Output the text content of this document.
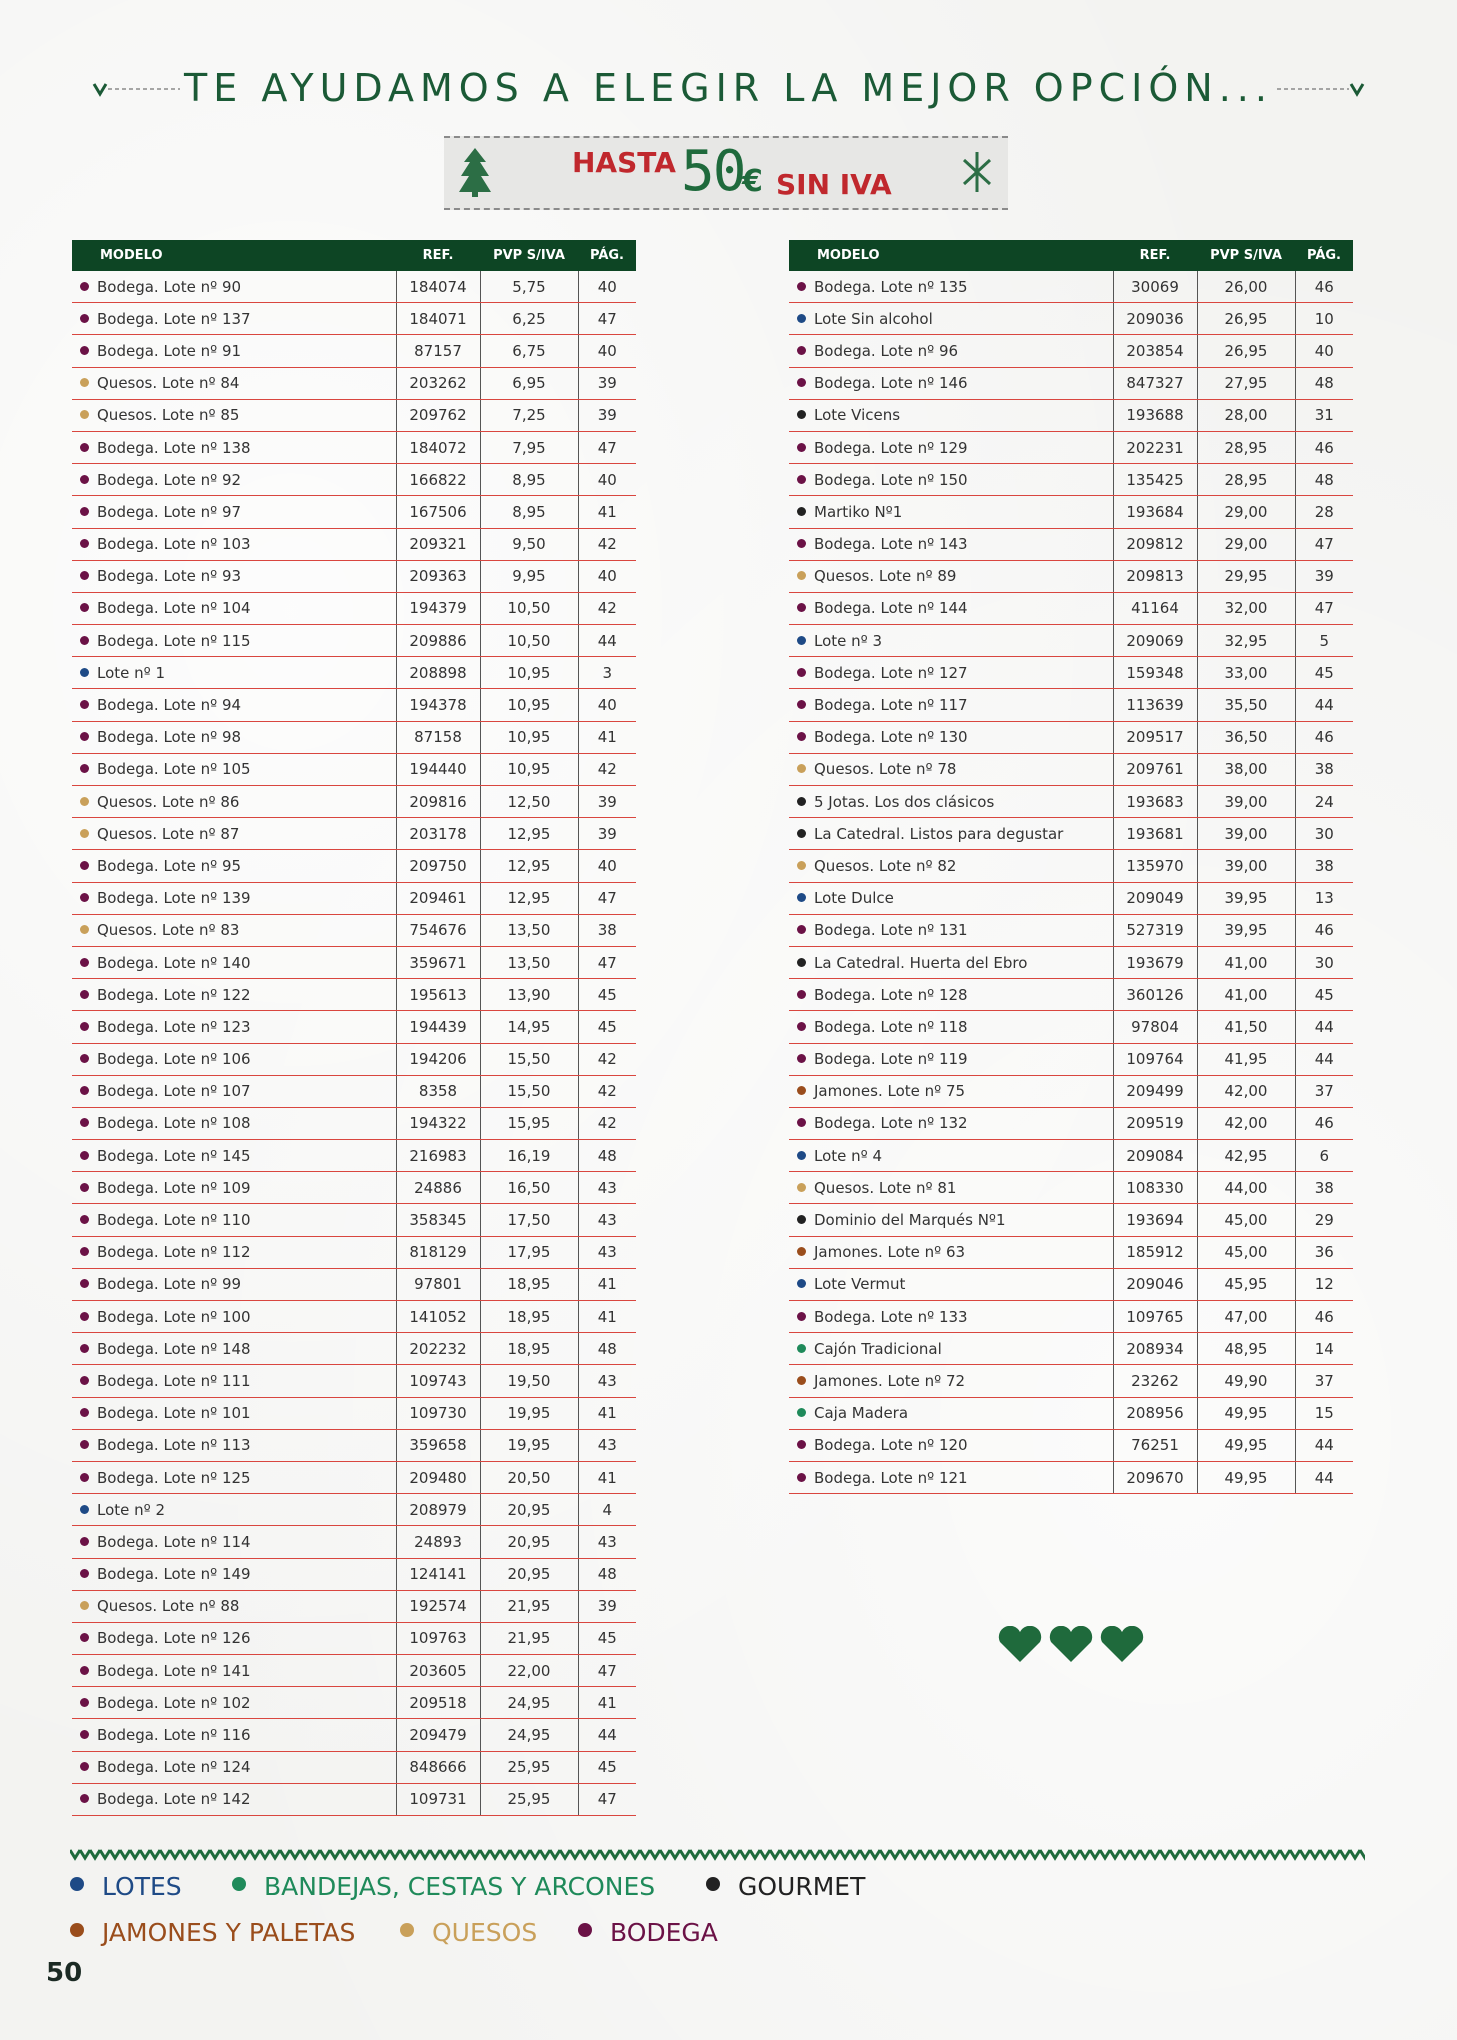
TE AYUDAMOS A ELEGIR LA MEJOR OPCIÓN...
HASTA 50
€ SIN IVA
MODELO	REF.	PVP S/IVA	PÁG.
Bodega. Lote nº 90	184074	5,75	40
Bodega. Lote nº 137	184071	6,25	47
Bodega. Lote nº 91	87157	6,75	40
Quesos. Lote nº 84	203262	6,95	39
Quesos. Lote nº 85	209762	7,25	39
Bodega. Lote nº 138	184072	7,95	47
Bodega. Lote nº 92	166822	8,95	40
Bodega. Lote nº 97	167506	8,95	41
Bodega. Lote nº 103	209321	9,50	42
Bodega. Lote nº 93	209363	9,95	40
Bodega. Lote nº 104	194379	10,50	42
Bodega. Lote nº 115	209886	10,50	44
Lote nº 1	208898	10,95	3
Bodega. Lote nº 94	194378	10,95	40
Bodega. Lote nº 98	87158	10,95	41
Bodega. Lote nº 105	194440	10,95	42
Quesos. Lote nº 86	209816	12,50	39
Quesos. Lote nº 87	203178	12,95	39
Bodega. Lote nº 95	209750	12,95	40
Bodega. Lote nº 139	209461	12,95	47
Quesos. Lote nº 83	754676	13,50	38
Bodega. Lote nº 140	359671	13,50	47
Bodega. Lote nº 122	195613	13,90	45
Bodega. Lote nº 123	194439	14,95	45
Bodega. Lote nº 106	194206	15,50	42
Bodega. Lote nº 107	8358	15,50	42
Bodega. Lote nº 108	194322	15,95	42
Bodega. Lote nº 145	216983	16,19	48
Bodega. Lote nº 109	24886	16,50	43
Bodega. Lote nº 110	358345	17,50	43
Bodega. Lote nº 112	818129	17,95	43
Bodega. Lote nº 99	97801	18,95	41
Bodega. Lote nº 100	141052	18,95	41
Bodega. Lote nº 148	202232	18,95	48
Bodega. Lote nº 111	109743	19,50	43
Bodega. Lote nº 101	109730	19,95	41
Bodega. Lote nº 113	359658	19,95	43
Bodega. Lote nº 125	209480	20,50	41
Lote nº 2	208979	20,95	4
Bodega. Lote nº 114	24893	20,95	43
Bodega. Lote nº 149	124141	20,95	48
Quesos. Lote nº 88	192574	21,95	39
Bodega. Lote nº 126	109763	21,95	45
Bodega. Lote nº 141	203605	22,00	47
Bodega. Lote nº 102	209518	24,95	41
Bodega. Lote nº 116	209479	24,95	44
Bodega. Lote nº 124	848666	25,95	45
Bodega. Lote nº 142	109731	25,95	47
MODELO	REF.	PVP S/IVA	PÁG.
Bodega. Lote nº 135	30069	26,00	46
Lote Sin alcohol	209036	26,95	10
Bodega. Lote nº 96	203854	26,95	40
Bodega. Lote nº 146	847327	27,95	48
Lote Vicens	193688	28,00	31
Bodega. Lote nº 129	202231	28,95	46
Bodega. Lote nº 150	135425	28,95	48
Martiko Nº1	193684	29,00	28
Bodega. Lote nº 143	209812	29,00	47
Quesos. Lote nº 89	209813	29,95	39
Bodega. Lote nº 144	41164	32,00	47
Lote nº 3	209069	32,95	5
Bodega. Lote nº 127	159348	33,00	45
Bodega. Lote nº 117	113639	35,50	44
Bodega. Lote nº 130	209517	36,50	46
Quesos. Lote nº 78	209761	38,00	38
5 Jotas. Los dos clásicos	193683	39,00	24
La Catedral. Listos para degustar	193681	39,00	30
Quesos. Lote nº 82	135970	39,00	38
Lote Dulce	209049	39,95	13
Bodega. Lote nº 131	527319	39,95	46
La Catedral. Huerta del Ebro	193679	41,00	30
Bodega. Lote nº 128	360126	41,00	45
Bodega. Lote nº 118	97804	41,50	44
Bodega. Lote nº 119	109764	41,95	44
Jamones. Lote nº 75	209499	42,00	37
Bodega. Lote nº 132	209519	42,00	46
Lote nº 4	209084	42,95	6
Quesos. Lote nº 81	108330	44,00	38
Dominio del Marqués Nº1	193694	45,00	29
Jamones. Lote nº 63	185912	45,00	36
Lote Vermut	209046	45,95	12
Bodega. Lote nº 133	109765	47,00	46
Cajón Tradicional	208934	48,95	14
Jamones. Lote nº 72	23262	49,90	37
Caja Madera	208956	49,95	15
Bodega. Lote nº 120	76251	49,95	44
Bodega. Lote nº 121	209670	49,95	44
LOTES	BANDEJAS, CESTAS Y ARCONES	GOURMET
JAMONES Y PALETAS	QUESOS	BODEGA
50
